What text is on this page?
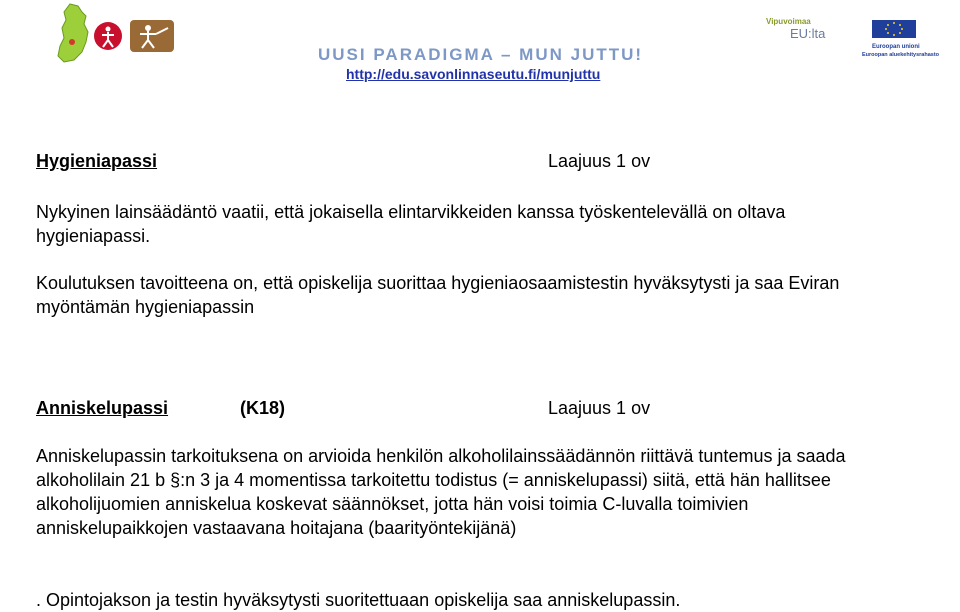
Vipuvoimaa
EU:lta
Euroopan unioni
Euroopan aluekehitysrahasto
UUSI PARADIGMA – MUN JUTTU!
http://edu.savonlinnaseutu.fi/munjuttu
Hygieniapassi	Laajuus 1 ov
Nykyinen lainsäädäntö vaatii, että jokaisella elintarvikkeiden kanssa työskentelevällä on oltava
hygieniapassi.
Koulutuksen tavoitteena on, että opiskelija suorittaa hygieniaosaamistestin hyväksytysti ja saa Eviran
myöntämän hygieniapassin
Anniskelupassi	(K18)	Laajuus 1 ov
Anniskelupassin tarkoituksena on arvioida henkilön alkoholilainssäädännön riittävä tuntemus ja saada
alkoholilain 21 b §:n 3 ja 4 momentissa tarkoitettu todistus (= anniskelupassi) siitä, että hän hallitsee
alkoholijuomien anniskelua koskevat säännökset, jotta hän voisi toimia C-luvalla toimivien
anniskelupaikkojen vastaavana hoitajana (baarityöntekijänä)
. Opintojakson ja testin hyväksytysti suoritettuaan opiskelija saa anniskelupassin.
